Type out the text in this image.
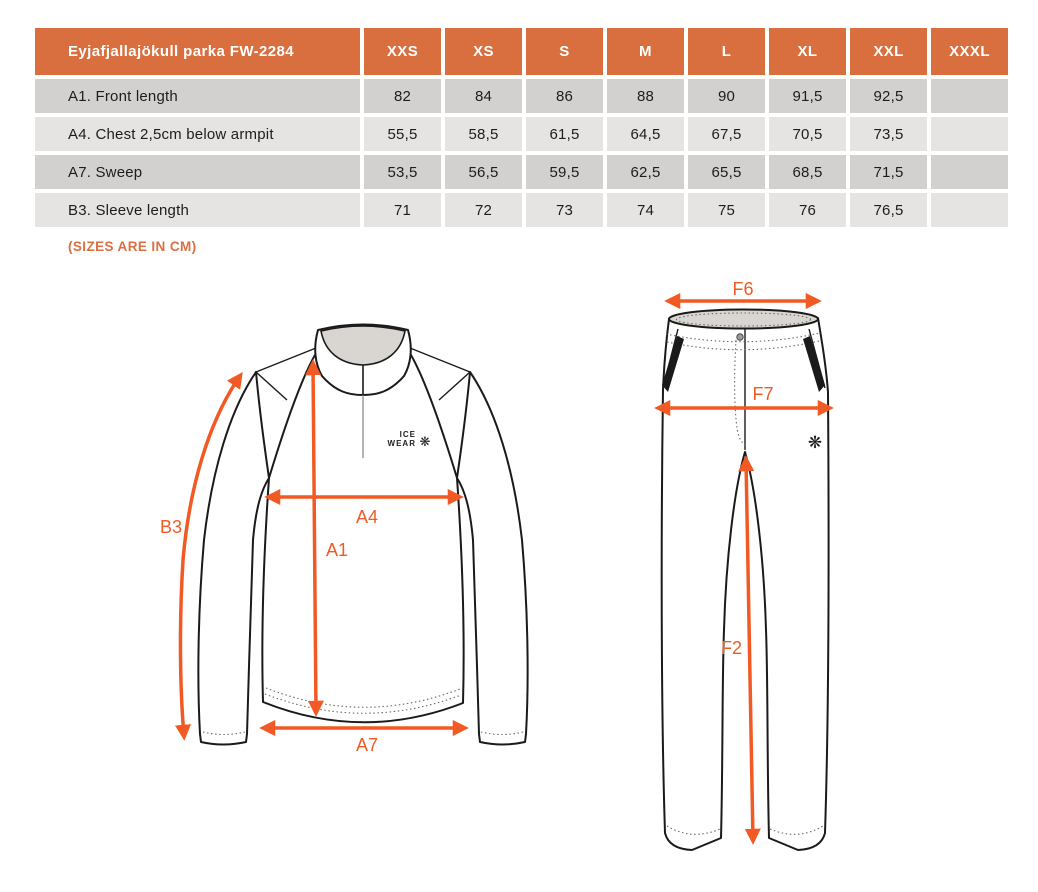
Eyjafjallajökull parka FW-2284	XXS	XS	S	M	L	XL	XXL	XXXL
A1. Front length	82	84	86	88	90	91,5	92,5
A4. Chest 2,5cm below armpit	55,5	58,5	61,5	64,5	67,5	70,5	73,5
A7. Sweep	53,5	56,5	59,5	62,5	65,5	68,5	71,5
B3. Sleeve length	71	72	73	74	75	76	76,5
(SIZES ARE IN CM)
ICE
WEAR ❋
B3	A4
A1
A7
❋
F6
F7
F2
